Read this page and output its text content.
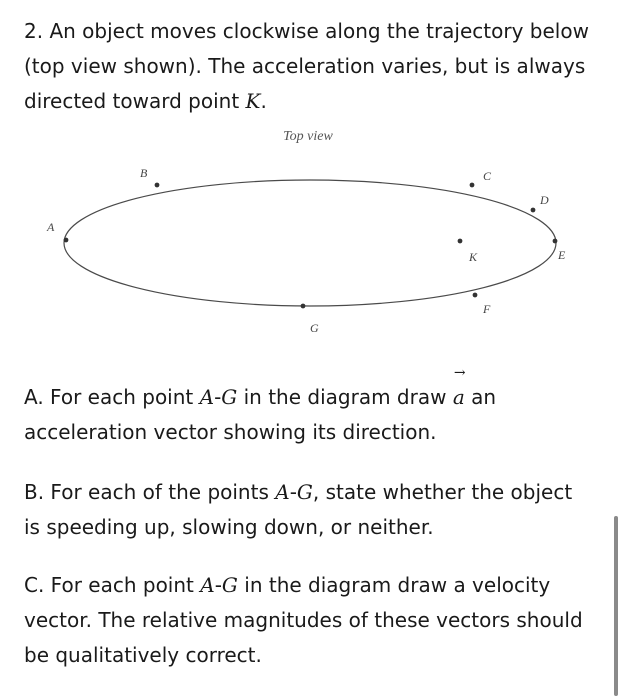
2. An object moves clockwise along the trajectory below
(top view shown). The acceleration varies, but is always
directed toward point K.

Top view
A
B	C
D
E
F
G
K

A. For each point A-G in the diagram draw a
→
an
acceleration vector showing its direction.

B. For each of the points A-G, state whether the object
is speeding up, slowing down, or neither.

C. For each point A-G in the diagram draw a velocity
vector. The relative magnitudes of these vectors should
be qualitatively correct.
